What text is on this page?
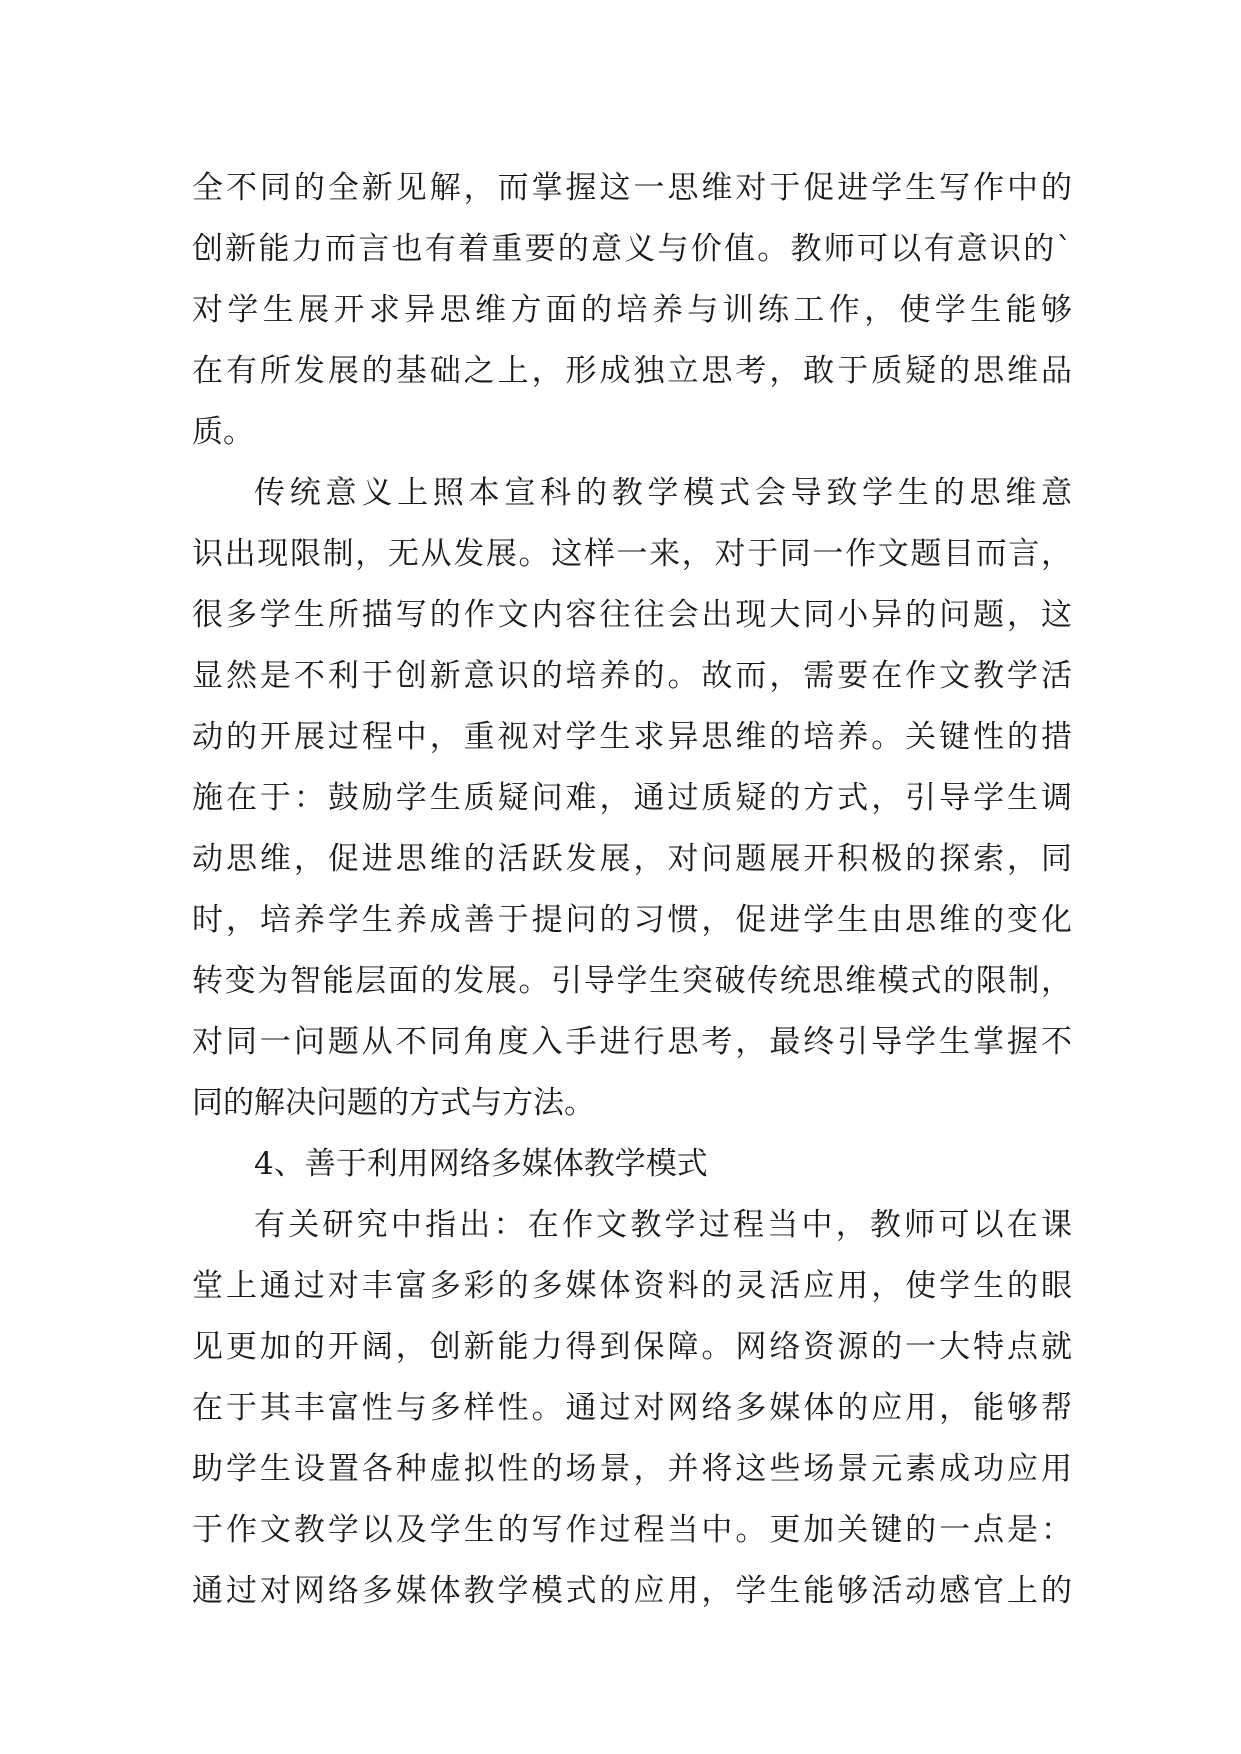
全不同的全新见解，而掌握这一思维对于促进学生写作中的
创新能力而言也有着重要的意义与价值。教师可以有意识的`
对学生展开求异思维方面的培养与训练工作，使学生能够
在有所发展的基础之上，形成独立思考，敢于质疑的思维品
质。
传统意义上照本宣科的教学模式会导致学生的思维意
识出现限制，无从发展。这样一来，对于同一作文题目而言，
很多学生所描写的作文内容往往会出现大同小异的问题，这
显然是不利于创新意识的培养的。故而，需要在作文教学活
动的开展过程中，重视对学生求异思维的培养。关键性的措
施在于：鼓励学生质疑问难，通过质疑的方式，引导学生调
动思维，促进思维的活跃发展，对问题展开积极的探索，同
时，培养学生养成善于提问的习惯，促进学生由思维的变化
转变为智能层面的发展。引导学生突破传统思维模式的限制，
对同一问题从不同角度入手进行思考，最终引导学生掌握不
同的解决问题的方式与方法。
4、善于利用网络多媒体教学模式
有关研究中指出：在作文教学过程当中，教师可以在课
堂上通过对丰富多彩的多媒体资料的灵活应用，使学生的眼
见更加的开阔，创新能力得到保障。网络资源的一大特点就
在于其丰富性与多样性。通过对网络多媒体的应用，能够帮
助学生设置各种虚拟性的场景，并将这些场景元素成功应用
于作文教学以及学生的写作过程当中。更加关键的一点是：
通过对网络多媒体教学模式的应用，学生能够活动感官上的
